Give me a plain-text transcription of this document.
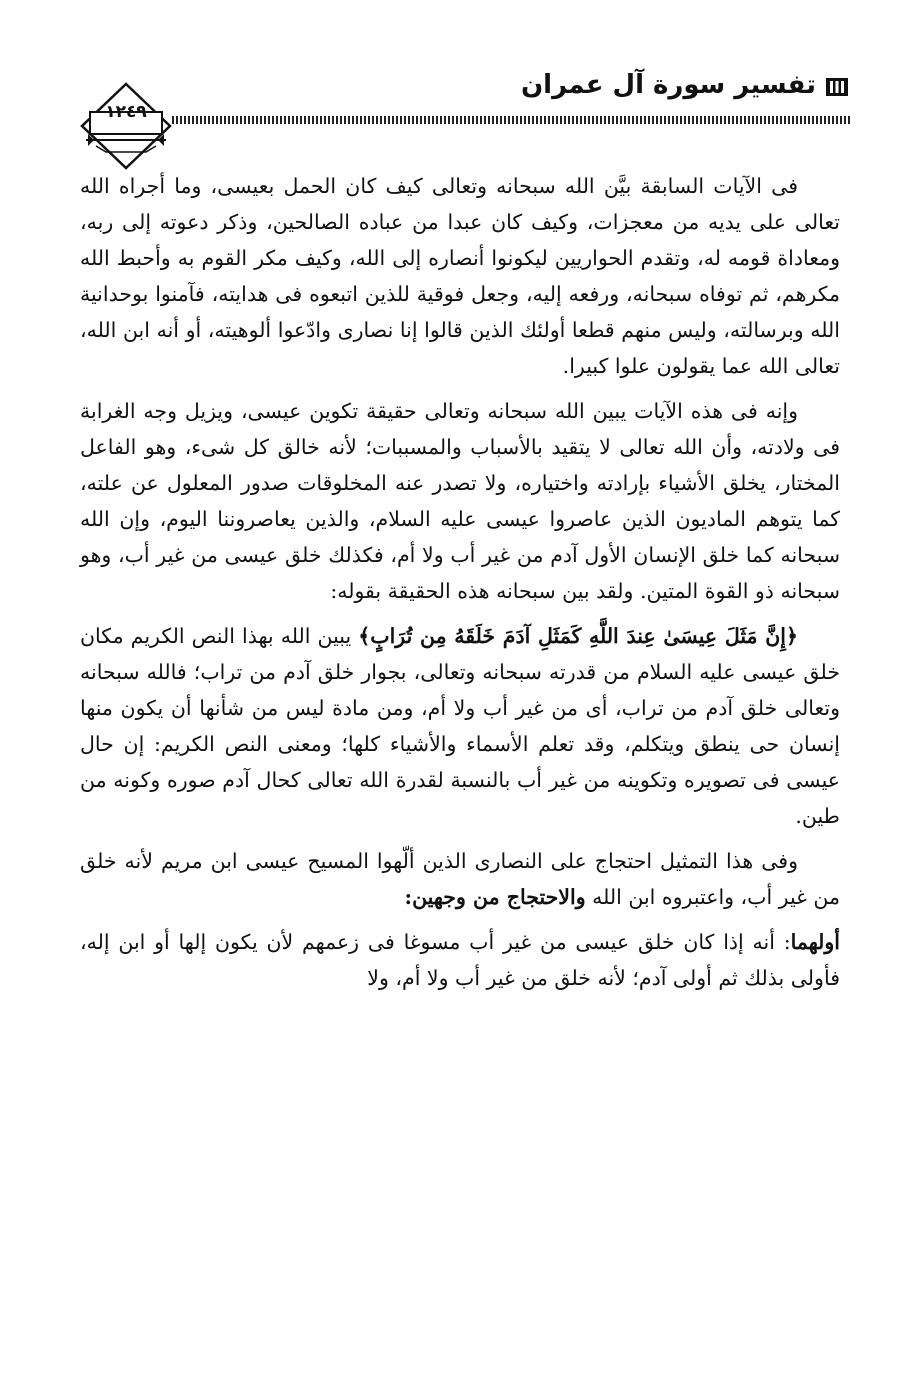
١٢٤٩
تفسير سورة آل عمران

فى الآيات السابقة بيَّن الله سبحانه وتعالى كيف كان الحمل بعيسى، وما أجراه الله تعالى على يديه من معجزات، وكيف كان عبدا من عباده الصالحين، وذكر دعوته إلى ربه، ومعاداة قومه له، وتقدم الحواريين ليكونوا أنصاره إلى الله، وكيف مكر القوم به وأحبط الله مكرهم، ثم توفاه سبحانه، ورفعه إليه، وجعل فوقية للذين اتبعوه فى هدايته، فآمنوا بوحدانية الله وبرسالته، وليس منهم قطعا أولئك الذين قالوا إنا نصارى وادّعوا ألوهيته، أو أنه ابن الله، تعالى الله عما يقولون علوا كبيرا.

وإنه فى هذه الآيات يبين الله سبحانه وتعالى حقيقة تكوين عيسى، ويزيل وجه الغرابة فى ولادته، وأن الله تعالى لا يتقيد بالأسباب والمسببات؛ لأنه خالق كل شىء، وهو الفاعل المختار، يخلق الأشياء بإرادته واختياره، ولا تصدر عنه المخلوقات صدور المعلول عن علته، كما يتوهم الماديون الذين عاصروا عيسى عليه السلام، والذين يعاصروننا اليوم، وإن الله سبحانه كما خلق الإنسان الأول آدم من غير أب ولا أم، فكذلك خلق عيسى من غير أب، وهو سبحانه ذو القوة المتين. ولقد بين سبحانه هذه الحقيقة بقوله:

﴿إِنَّ مَثَلَ عِيسَىٰ عِندَ اللَّهِ كَمَثَلِ آدَمَ خَلَقَهُ مِن تُرَابٍ﴾ يبين الله بهذا النص الكريم مكان خلق عيسى عليه السلام من قدرته سبحانه وتعالى، بجوار خلق آدم من تراب؛ فالله سبحانه وتعالى خلق آدم من تراب، أى من غير أب ولا أم، ومن مادة ليس من شأنها أن يكون منها إنسان حى ينطق ويتكلم، وقد تعلم الأسماء والأشياء كلها؛ ومعنى النص الكريم: إن حال عيسى فى تصويره وتكوينه من غير أب بالنسبة لقدرة الله تعالى كحال آدم صوره وكونه من طين.

وفى هذا التمثيل احتجاج على النصارى الذين ألّهوا المسيح عيسى ابن مريم لأنه خلق من غير أب، واعتبروه ابن الله والاحتجاج من وجهين:

أولهما: أنه إذا كان خلق عيسى من غير أب مسوغا فى زعمهم لأن يكون إلها أو ابن إله، فأولى بذلك ثم أولى آدم؛ لأنه خلق من غير أب ولا أم، ولا
